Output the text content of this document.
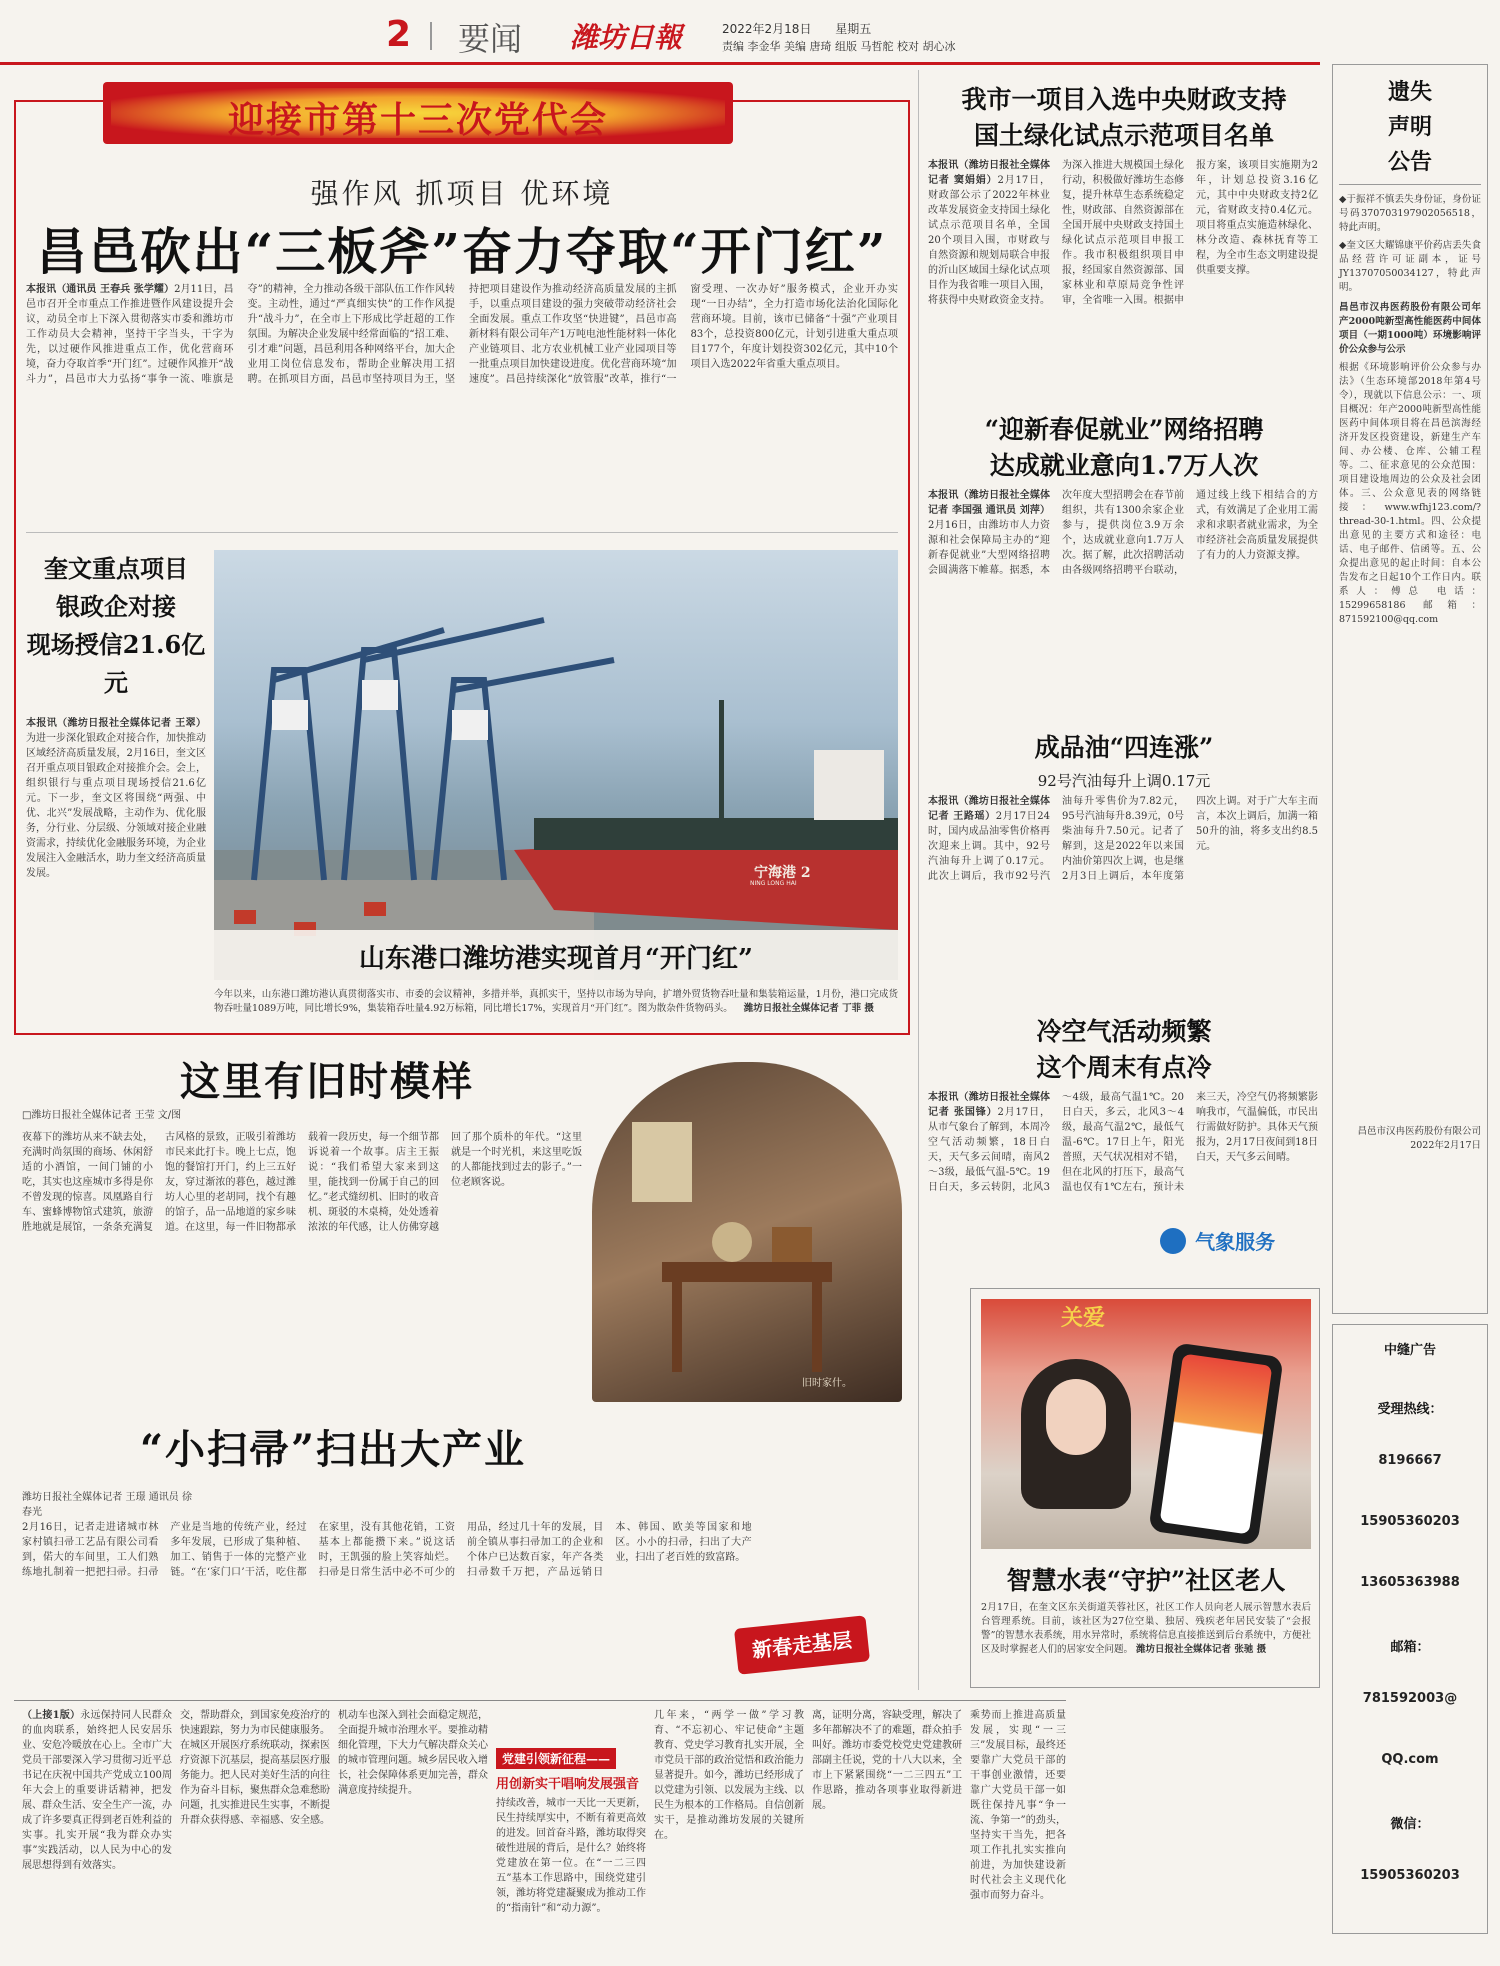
2 要闻 潍坊日報	2022年2月18日 星期五
责编 李金华 美编 唐琦 组版 马哲舵 校对 胡心冰
迎接市第十三次党代会
强作风 抓项目 优环境
昌邑砍出“三板斧”奋力夺取“开门红”
本报讯（通讯员 王春兵 张学耀）2月11日，昌邑市召开全市重点工作推进暨作风建设提升会议，动员全市上下深入贯彻落实市委和潍坊市工作动员大会精神，坚持干字当头，干字为先，以过硬作风推进重点工作，优化营商环境，奋力夺取首季“开门红”。过硬作风推开“战斗力”，昌邑市大力弘扬“事争一流、唯旗是夺”的精神，全力推动各级干部队伍工作作风转变。主动性，通过“严真细实快”的工作作风提升“战斗力”，在全市上下形成比学赶超的工作氛围。为解决企业发展中经常面临的“招工难、引才难”问题，昌邑利用各种网络平台，加大企业用工岗位信息发布，帮助企业解决用工招聘。在抓项目方面，昌邑市坚持项目为王，坚持把项目建设作为推动经济高质量发展的主抓手，以重点项目建设的强力突破带动经济社会全面发展。重点工作攻坚“快进键”，昌邑市高新材料有限公司年产1万吨电池性能材料一体化产业链项目、北方农业机械工业产业园项目等一批重点项目加快建设进度。优化营商环境“加速度”。昌邑持续深化“放管服”改革，推行“一窗受理、一次办好”服务模式，企业开办实现“一日办结”，全力打造市场化法治化国际化营商环境。目前，该市已储备“十强”产业项目83个，总投资800亿元，计划引进重大重点项目177个，年度计划投资302亿元，其中10个项目入选2022年省重大重点项目。
奎文重点项目
银政企对接
现场授信21.6亿元
本报讯（潍坊日报社全媒体记者 王翠）为进一步深化银政企对接合作，加快推动区域经济高质量发展，2月16日，奎文区召开重点项目银政企对接推介会。会上，组织银行与重点项目现场授信21.6亿元。下一步，奎文区将围绕“两强、中优、北兴”发展战略，主动作为、优化服务，分行业、分层级、分领域对接企业融资需求，持续优化金融服务环境，为企业发展注入金融活水，助力奎文经济高质量发展。	宁海港 2
NING LONG HAI
山东港口潍坊港实现首月“开门红”
今年以来，山东港口潍坊港认真贯彻落实市、市委的会议精神，多措并举，真抓实干，坚持以市场为导向，扩增外贸货物吞吐量和集装箱运量，1月份，港口完成货物吞吐量1089万吨，同比增长9%，集装箱吞吐量4.92万标箱，同比增长17%，实现首月“开门红”。图为散杂件货物码头。 潍坊日报社全媒体记者 丁菲 摄
这里有旧时模样
□潍坊日报社全媒体记者 王莹 文/图
夜幕下的潍坊从来不缺去处，充满时尚氛围的商场、休闲舒适的小酒馆，一间门铺的小吃，其实也这座城市多得是你不曾发现的惊喜。凤凰路自行车、蜜蜂博物馆式建筑，旅游胜地就是展馆，一条条充满复古风格的景致，正吸引着潍坊市民来此打卡。晚上七点，饱饱的餐馆打开门，约上三五好友，穿过渐浓的暮色，越过潍坊人心里的老胡同，找个有趣的馆子，品一品地道的家乡味道。在这里，每一件旧物都承载着一段历史，每一个细节都诉说着一个故事。店主王振说：“我们希望大家来到这里，能找到一份属于自己的回忆。”老式缝纫机、旧时的收音机、斑驳的木桌椅，处处透着浓浓的年代感，让人仿佛穿越回了那个质朴的年代。“这里就是一个时光机，来这里吃饭的人都能找到过去的影子。”一位老顾客说。
旧时家什。
“小扫帚”扫出大产业
潍坊日报社全媒体记者 王璟 通讯员 徐春光
2月16日，记者走进诸城市林家村镇扫帚工艺品有限公司看到，偌大的车间里，工人们熟练地扎制着一把把扫帚。扫帚产业是当地的传统产业，经过多年发展，已形成了集种植、加工、销售于一体的完整产业链。“在‘家门口’干活，吃住都在家里，没有其他花销，工资基本上都能攒下来。”说这话时，王凯强的脸上笑容灿烂。扫帚是日常生活中必不可少的用品，经过几十年的发展，目前全镇从事扫帚加工的企业和个体户已达数百家，年产各类扫帚数千万把，产品远销日本、韩国、欧美等国家和地区。小小的扫帚，扫出了大产业，扫出了老百姓的致富路。
新春走基层
（上接1版）永远保持同人民群众的血肉联系，始终把人民安居乐业、安危冷暖放在心上。全市广大党员干部要深入学习贯彻习近平总书记在庆祝中国共产党成立100周年大会上的重要讲话精神，把发展、群众生活、安全生产一流，办成了许多要真正得到老百姓利益的实事。扎实开展“我为群众办实事”实践活动，以人民为中心的发展思想得到有效落实。
交，帮助群众，到国家免疫治疗的快速跟踪，努力为市民健康服务。在城区开展医疗系统联动，探索医疗资源下沉基层，提高基层医疗服务能力。把人民对美好生活的向往作为奋斗目标，聚焦群众急难愁盼问题，扎实推进民生实事，不断提升群众获得感、幸福感、安全感。
机动车也深入到社会面稳定规范，全面提升城市治理水平。要推动精细化管理，下大力气解决群众关心的城市管理问题。城乡居民收入增长，社会保障体系更加完善，群众满意度持续提升。
党建引领新征程——
用创新实干唱响发展强音
持续改善，城市一天比一天更新，民生持续厚实中，不断有着更高效的进发。回首奋斗路，潍坊取得突破性进展的背后，是什么？始终将党建放在第一位。在“一二三四五”基本工作思路中，围绕党建引领，潍坊将党建凝聚成为推动工作的“指南针”和“动力源”。
几年来，“两学一做”学习教育、“不忘初心、牢记使命”主题教育、党史学习教育扎实开展，全市党员干部的政治觉悟和政治能力显著提升。如今，潍坊已经形成了以党建为引领、以发展为主线、以民生为根本的工作格局。自信创新实干，是推动潍坊发展的关键所在。
离，证明分离，容缺受理，解决了多年都解决不了的难题，群众拍手叫好。潍坊市委党校党史党建教研部副主任说，党的十八大以来，全市上下紧紧围绕“一二三四五”工作思路，推动各项事业取得新进展。
乘势而上推进高质量发展，实现“一三三”发展目标，最终还要靠广大党员干部的干事创业激情，还要靠广大党员干部一如既往保持凡事“争一流、争第一”的劲头，坚持实干当先，把各项工作扎扎实实推向前进，为加快建设新时代社会主义现代化强市而努力奋斗。
我市一项目入选中央财政支持
国土绿化试点示范项目名单
本报讯（潍坊日报社全媒体记者 窦娟娟）2月17日，财政部公示了2022年林业改革发展资金支持国土绿化试点示范项目名单，全国20个项目入围，市财政与自然资源和规划局联合申报的沂山区域国土绿化试点项目作为我省唯一项目入围，将获得中央财政资金支持。为深入推进大规模国土绿化行动，积极做好潍坊生态修复，提升林草生态系统稳定性，财政部、自然资源部在全国开展中央财政支持国土绿化试点示范项目申报工作。我市积极组织项目申报，经国家自然资源部、国家林业和草原局竞争性评审，全省唯一入围。根据申报方案，该项目实施期为2年，计划总投资3.16亿元，其中中央财政支持2亿元，省财政支持0.4亿元。项目将重点实施造林绿化、林分改造、森林抚育等工程，为全市生态文明建设提供重要支撑。
“迎新春促就业”网络招聘
达成就业意向1.7万人次
本报讯（潍坊日报社全媒体记者 李国强 通讯员 刘萍）2月16日，由潍坊市人力资源和社会保障局主办的“迎新春促就业”大型网络招聘会圆满落下帷幕。据悉，本次年度大型招聘会在春节前组织，共有1300余家企业参与，提供岗位3.9万余个，达成就业意向1.7万人次。据了解，此次招聘活动由各级网络招聘平台联动，通过线上线下相结合的方式，有效满足了企业用工需求和求职者就业需求，为全市经济社会高质量发展提供了有力的人力资源支撑。
成品油“四连涨”
92号汽油每升上调0.17元
本报讯（潍坊日报社全媒体记者 王路瑶）2月17日24时，国内成品油零售价格再次迎来上调。其中，92号汽油每升上调了0.17元。此次上调后，我市92号汽油每升零售价为7.82元，95号汽油每升8.39元，0号柴油每升7.50元。记者了解到，这是2022年以来国内油价第四次上调，也是继2月3日上调后，本年度第四次上调。对于广大车主而言，本次上调后，加满一箱50升的油，将多支出约8.5元。
冷空气活动频繁
这个周末有点冷
本报讯（潍坊日报社全媒体记者 张国锋）2月17日，从市气象台了解到，本周冷空气活动频繁，18日白天，天气多云间晴，南风2～3级，最低气温-5℃。19日白天，多云转阴，北风3～4级，最高气温1℃。20日白天，多云，北风3～4级，最高气温2℃，最低气温-6℃。17日上午，阳光普照，天气状况相对不错，但在北风的打压下，最高气温也仅有1℃左右，预计未来三天，冷空气仍将频繁影响我市，气温偏低，市民出行需做好防护。具体天气预报为，2月17日夜间到18日白天，天气多云间晴。
气象服务
关爱
智慧水表“守护”社区老人
2月17日，在奎文区东关街道芙蓉社区，社区工作人员向老人展示智慧水表后台管理系统。目前，该社区为27位空巢、独居、残疾老年居民安装了“会报警”的智慧水表系统，用水异常时，系统将信息直接推送到后台系统中，方便社区及时掌握老人们的居家安全问题。 潍坊日报社全媒体记者 张驰 摄
遗失
声明
公告
◆于振祥不慎丢失身份证，身份证号码370703197902056518，特此声明。
◆奎文区大耀锦康平价药店丢失食品经营许可证副本，证号JY13707050034127，特此声明。
昌邑市汉冉医药股份有限公司年产2000吨新型高性能医药中间体项目（一期1000吨）环境影响评价公众参与公示
根据《环境影响评价公众参与办法》（生态环境部2018年第4号令），现就以下信息公示：一、项目概况：年产2000吨新型高性能医药中间体项目将在昌邑滨海经济开发区投资建设，新建生产车间、办公楼、仓库、公辅工程等。二、征求意见的公众范围：项目建设地周边的公众及社会团体。三、公众意见表的网络链接：www.wfhj123.com/?thread-30-1.html。四、公众提出意见的主要方式和途径：电话、电子邮件、信函等。五、公众提出意见的起止时间：自本公告发布之日起10个工作日内。联系人：傅总 电话：15299658186 邮箱：871592100@qq.com
昌邑市汉冉医药股份有限公司 2022年2月17日
中缝广告
受理热线：
8196667
15905360203
13605363988
邮箱：
781592003@
QQ.com
微信：
15905360203
